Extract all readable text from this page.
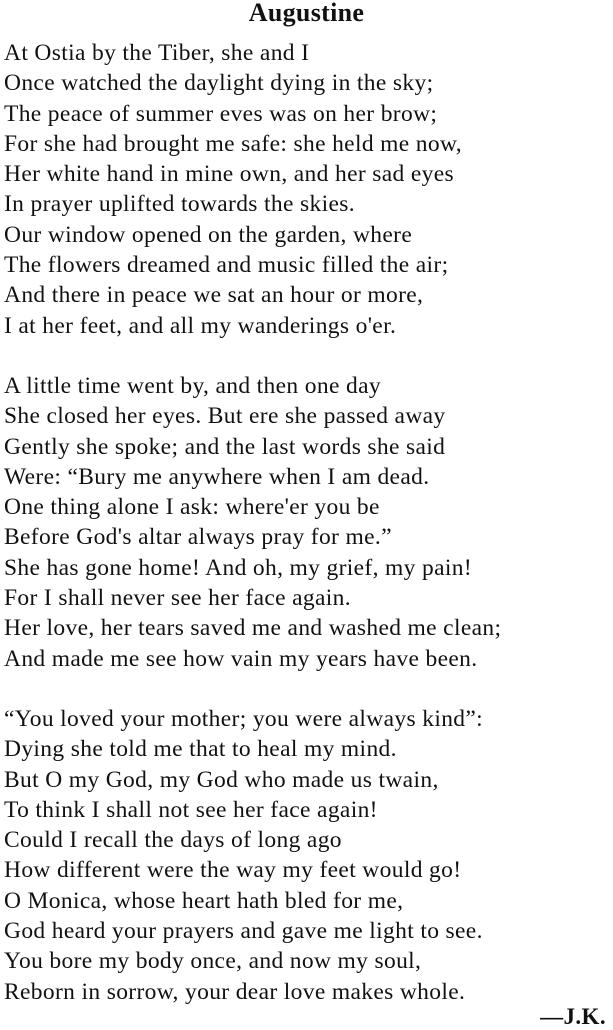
Augustine
At Ostia by the Tiber, she and I
Once watched the daylight dying in the sky;
The peace of summer eves was on her brow;
For she had brought me safe: she held me now,
Her white hand in mine own, and her sad eyes
In prayer uplifted towards the skies.
Our window opened on the garden, where
The flowers dreamed and music filled the air;
And there in peace we sat an hour or more,
I at her feet, and all my wanderings o'er.
A little time went by, and then one day
She closed her eyes. But ere she passed away
Gently she spoke; and the last words she said
Were: “Bury me anywhere when I am dead.
One thing alone I ask: where'er you be
Before God's altar always pray for me.”
She has gone home! And oh, my grief, my pain!
For I shall never see her face again.
Her love, her tears saved me and washed me clean;
And made me see how vain my years have been.
“You loved your mother; you were always kind”:
Dying she told me that to heal my mind.
But O my God, my God who made us twain,
To think I shall not see her face again!
Could I recall the days of long ago
How different were the way my feet would go!
O Monica, whose heart hath bled for me,
God heard your prayers and gave me light to see.
You bore my body once, and now my soul,
Reborn in sorrow, your dear love makes whole.
—J.K.
